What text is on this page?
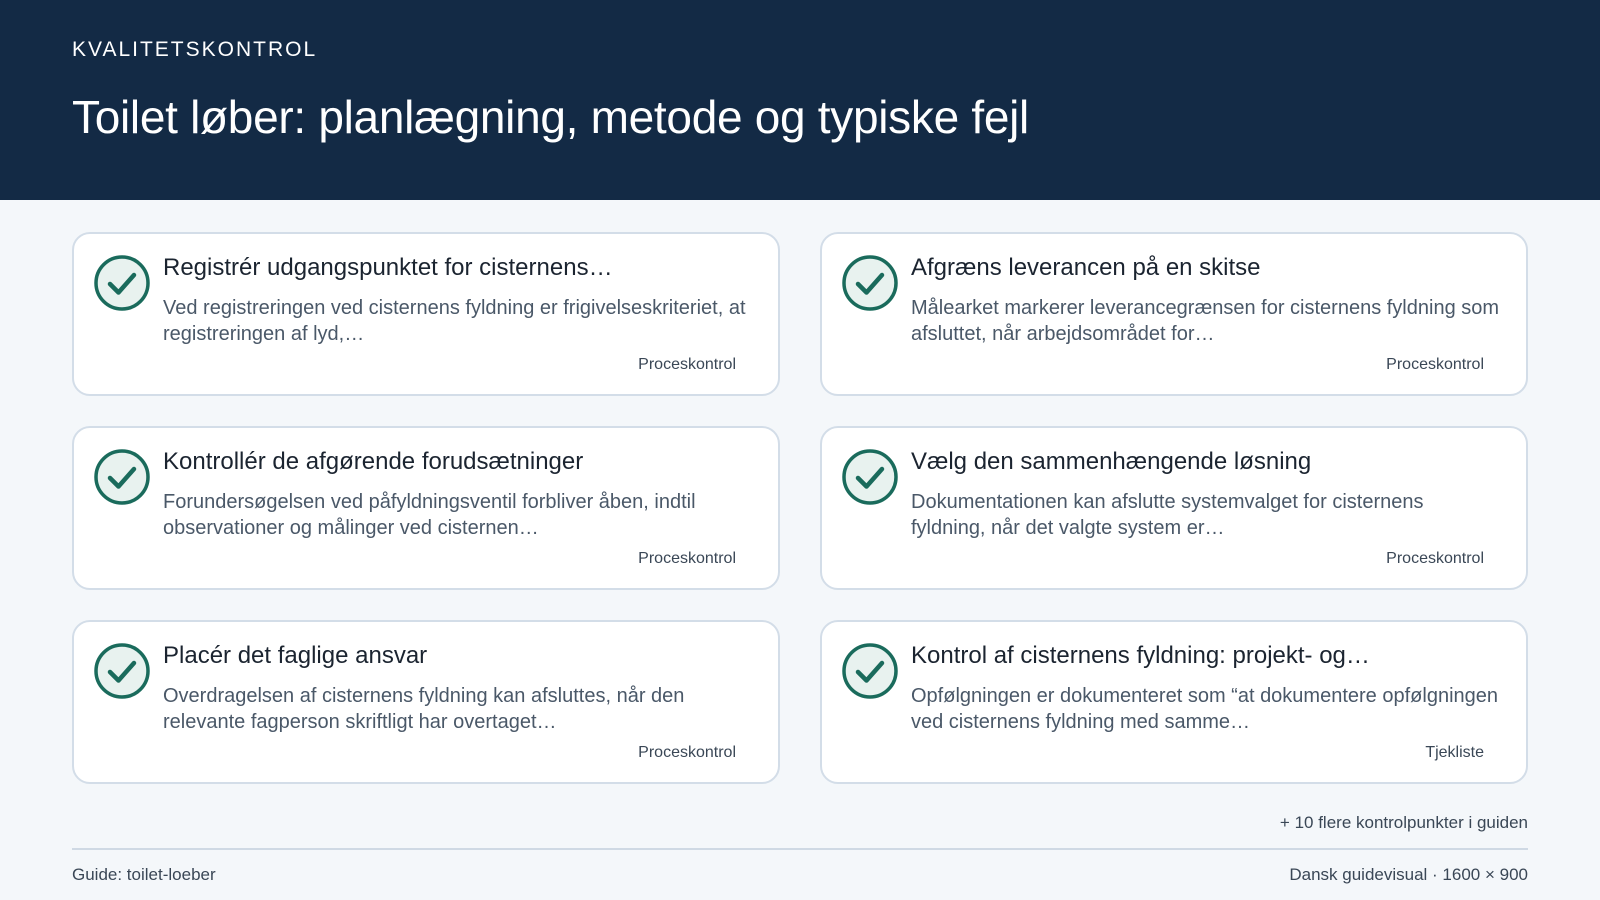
KVALITETSKONTROL
Toilet løber: planlægning, metode og typiske fejl
Registrér udgangspunktet for cisternens…
Ved registreringen ved cisternens fyldning er frigivelseskriteriet, at registreringen af lyd,…
Proceskontrol
Afgræns leverancen på en skitse
Målearket markerer leverancegrænsen for cisternens fyldning som afsluttet, når arbejdsområdet for…
Proceskontrol
Kontrollér de afgørende forudsætninger
Forundersøgelsen ved påfyldningsventil forbliver åben, indtil observationer og målinger ved cisternen…
Proceskontrol
Vælg den sammenhængende løsning
Dokumentationen kan afslutte systemvalget for cisternens fyldning, når det valgte system er…
Proceskontrol
Placér det faglige ansvar
Overdragelsen af cisternens fyldning kan afsluttes, når den relevante fagperson skriftligt har overtaget…
Proceskontrol
Kontrol af cisternens fyldning: projekt- og…
Opfølgningen er dokumenteret som “at dokumentere opfølgningen ved cisternens fyldning med samme…
Tjekliste
+ 10 flere kontrolpunkter i guiden
Guide: toilet-loeber	Dansk guidevisual · 1600 × 900
